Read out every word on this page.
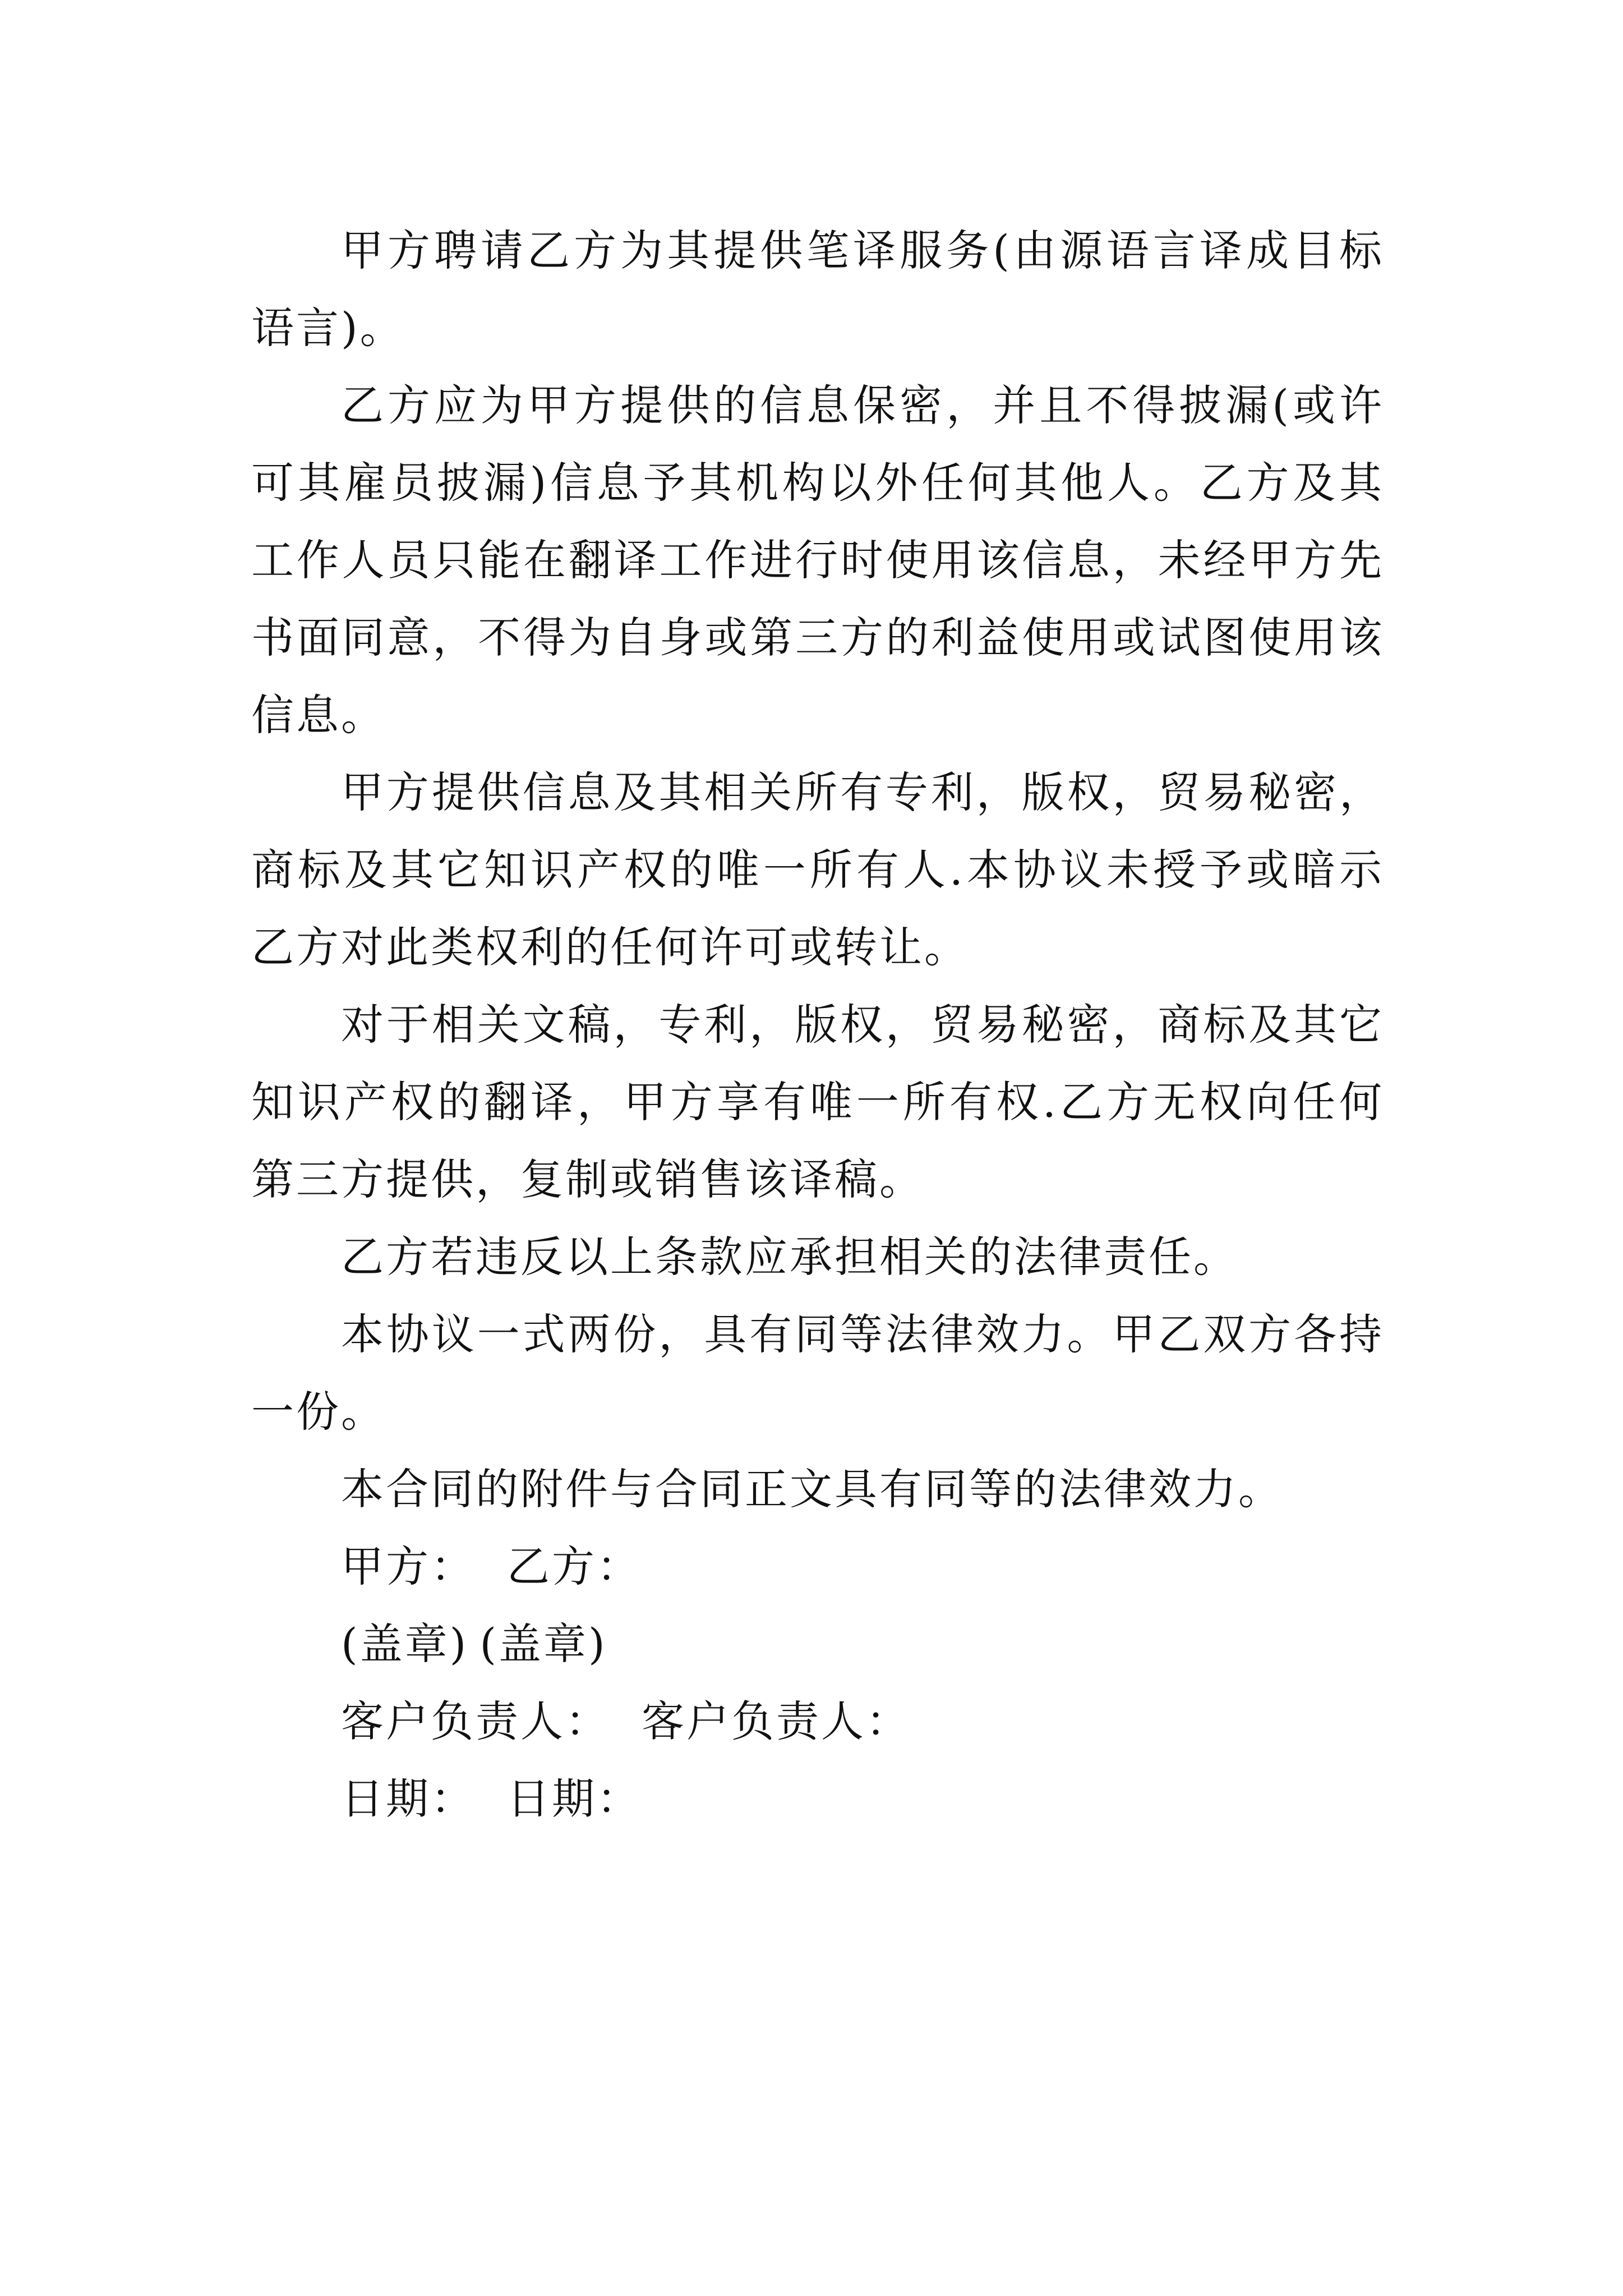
甲方聘请乙方为其提供笔译服务(由源语言译成目标语言)。

乙方应为甲方提供的信息保密，并且不得披漏(或许可其雇员披漏)信息予其机构以外任何其他人。乙方及其工作人员只能在翻译工作进行时使用该信息，未经甲方先书面同意，不得为自身或第三方的利益使用或试图使用该信息。

甲方提供信息及其相关所有专利，版权，贸易秘密，商标及其它知识产权的唯一所有人.本协议未授予或暗示乙方对此类权利的任何许可或转让。

对于相关文稿，专利，版权，贸易秘密，商标及其它知识产权的翻译，甲方享有唯一所有权.乙方无权向任何第三方提供，复制或销售该译稿。

乙方若违反以上条款应承担相关的法律责任。

本协议一式两份，具有同等法律效力。甲乙双方各持一份。

本合同的附件与合同正文具有同等的法律效力。

甲方： 乙方：
(盖章) (盖章)
客户负责人： 客户负责人：
日期： 日期：
